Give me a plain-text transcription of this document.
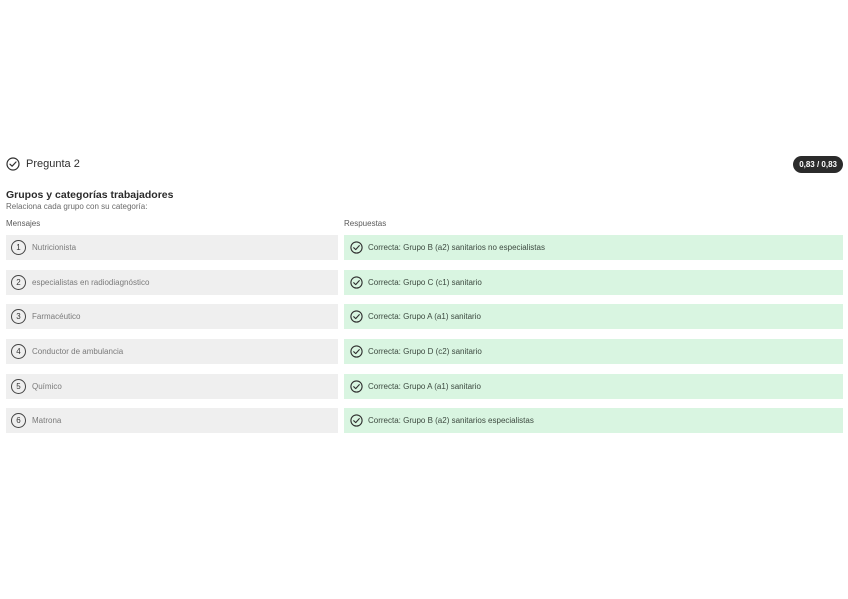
Pregunta 2	0,83 / 0,83
Grupos y categorías trabajadores
Relaciona cada grupo con su categoría:
Mensajes	Respuestas
1	Nutricionista	Correcta: Grupo B (a2) sanitarios no especialistas
2	especialistas en radiodiagnóstico	Correcta: Grupo C (c1) sanitario
3	Farmacéutico	Correcta: Grupo A (a1) sanitario
4	Conductor de ambulancia	Correcta: Grupo D (c2) sanitario
5	Químico	Correcta: Grupo A (a1) sanitario
6	Matrona	Correcta: Grupo B (a2) sanitarios especialistas
